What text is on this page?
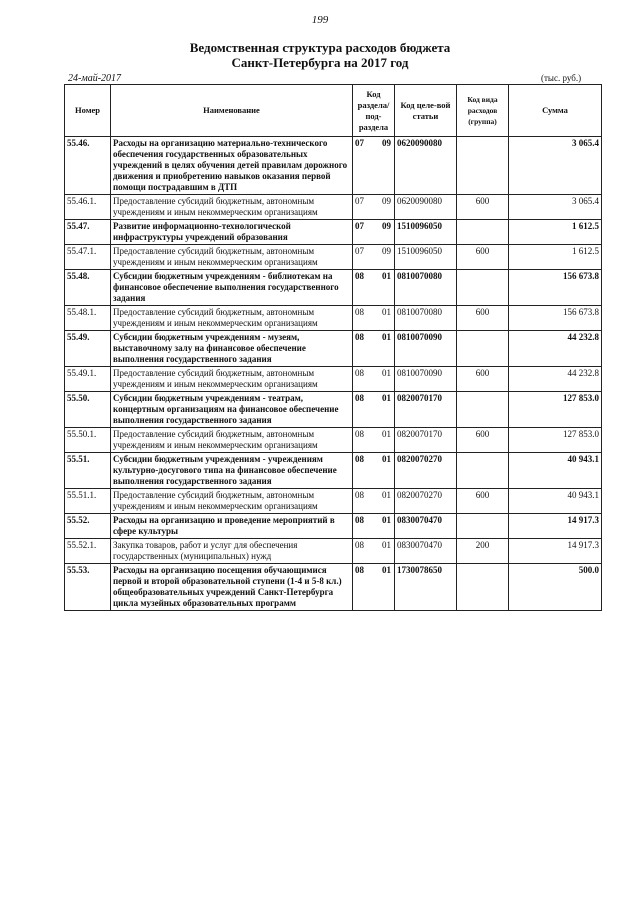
199
Ведомственная структура расходов бюджета
Санкт-Петербурга на 2017 год
24-май-2017	(тыс. руб.)
Номер	Наименование	Код раздела/ под-раздела	Код целе-вой статьи	Код вида расходов (группа)	Сумма
55.46.	Расходы на организацию материально-технического обеспечения государственных образовательных учреждений в целях обучения детей правилам дорожного движения и приобретению навыков оказания первой помощи пострадавшим в ДТП	07 09	0620090080		3 065.4
55.46.1.	Предоставление субсидий бюджетным, автономным учреждениям и иным некоммерческим организациям	07 09	0620090080	600	3 065.4
55.47.	Развитие информационно-технологической инфраструктуры учреждений образования	07 09	1510096050		1 612.5
55.47.1.	Предоставление субсидий бюджетным, автономным учреждениям и иным некоммерческим организациям	07 09	1510096050	600	1 612.5
55.48.	Субсидии бюджетным учреждениям - библиотекам на финансовое обеспечение выполнения государственного задания	08 01	0810070080		156 673.8
55.48.1.	Предоставление субсидий бюджетным, автономным учреждениям и иным некоммерческим организациям	08 01	0810070080	600	156 673.8
55.49.	Субсидии бюджетным учреждениям - музеям, выставочному залу на финансовое обеспечение выполнения государственного задания	08 01	0810070090		44 232.8
55.49.1.	Предоставление субсидий бюджетным, автономным учреждениям и иным некоммерческим организациям	08 01	0810070090	600	44 232.8
55.50.	Субсидии бюджетным учреждениям - театрам, концертным организациям на финансовое обеспечение выполнения государственного задания	08 01	0820070170		127 853.0
55.50.1.	Предоставление субсидий бюджетным, автономным учреждениям и иным некоммерческим организациям	08 01	0820070170	600	127 853.0
55.51.	Субсидии бюджетным учреждениям - учреждениям культурно-досугового типа на финансовое обеспечение выполнения государственного задания	08 01	0820070270		40 943.1
55.51.1.	Предоставление субсидий бюджетным, автономным учреждениям и иным некоммерческим организациям	08 01	0820070270	600	40 943.1
55.52.	Расходы на организацию и проведение мероприятий в сфере культуры	08 01	0830070470		14 917.3
55.52.1.	Закупка товаров, работ и услуг для обеспечения государственных (муниципальных) нужд	08 01	0830070470	200	14 917.3
55.53.	Расходы на организацию посещения обучающимися первой и второй образовательной ступени (1-4 и 5-8 кл.) общеобразовательных учреждений Санкт-Петербурга цикла музейных образовательных программ	08 01	1730078650		500.0
